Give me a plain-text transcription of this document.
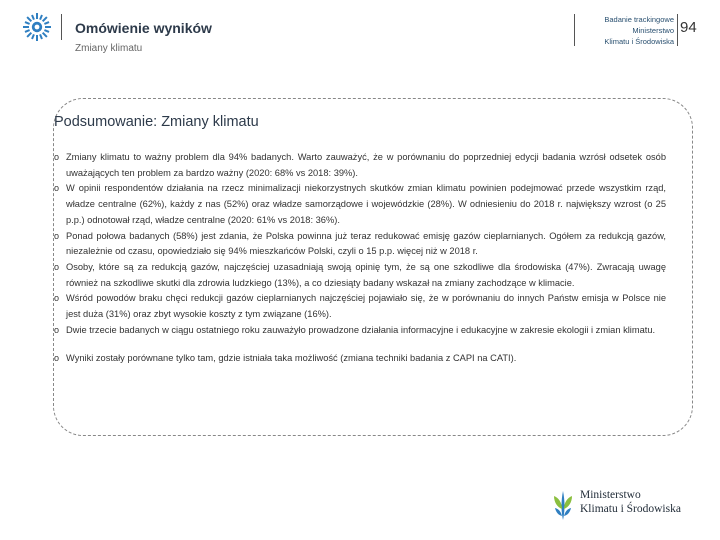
Omówienie wyników
Zmiany klimatu
Badanie trackingowe
Ministerstwo
Klimatu i Środowiska
94
Podsumowanie: Zmiany klimatu
o Zmiany klimatu to ważny problem dla 94% badanych. Warto zauważyć, że w porównaniu do poprzedniej edycji badania wzrósł odsetek osób uważających ten problem za bardzo ważny (2020: 68% vs 2018: 39%).
o W opinii respondentów działania na rzecz minimalizacji niekorzystnych skutków zmian klimatu powinien podejmować przede wszystkim rząd, władze centralne (62%), każdy z nas (52%) oraz władze samorządowe i wojewódzkie (28%). W odniesieniu do 2018 r. największy wzrost (o 25 p.p.) odnotował rząd, władze centralne (2020: 61% vs 2018: 36%).
o Ponad połowa badanych (58%) jest zdania, że Polska powinna już teraz redukować emisję gazów cieplarnianych. Ogółem za redukcją gazów, niezależnie od czasu, opowiedziało się 94% mieszkańców Polski, czyli o 15 p.p. więcej niż w 2018 r.
o Osoby, które są za redukcją gazów, najczęściej uzasadniają swoją opinię tym, że są one szkodliwe dla środowiska (47%). Zwracają uwagę również na szkodliwe skutki dla zdrowia ludzkiego (13%), a co dziesiąty badany wskazał na zmiany zachodzące w klimacie.
o Wśród powodów braku chęci redukcji gazów cieplarnianych najczęściej pojawiało się, że w porównaniu do innych Państw emisja w Polsce nie jest duża (31%) oraz zbyt wysokie koszty z tym związane (16%).
o Dwie trzecie badanych w ciągu ostatniego roku zauważyło prowadzone działania informacyjne i edukacyjne w zakresie ekologii i zmian klimatu.
o Wyniki zostały porównane tylko tam, gdzie istniała taka możliwość (zmiana techniki badania z CAPI na CATI).
Ministerstwo
Klimatu i Środowiska
